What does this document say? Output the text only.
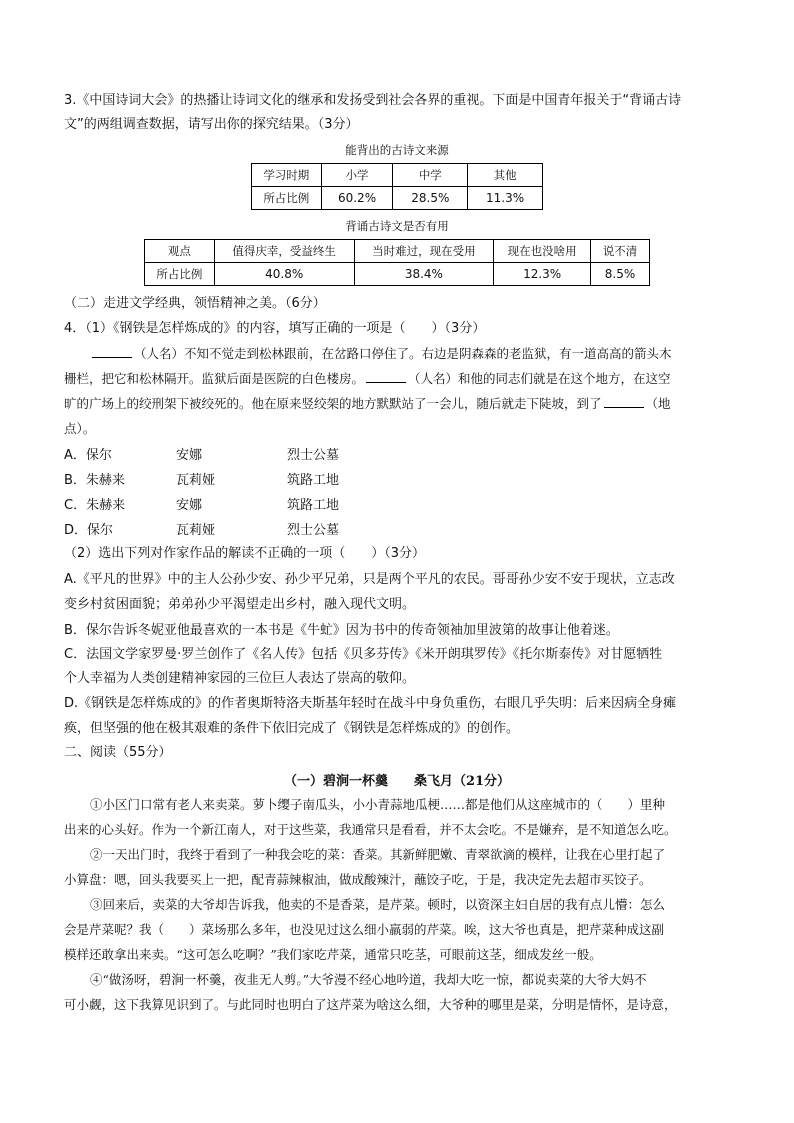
3.《中国诗词大会》的热播让诗词文化的继承和发扬受到社会各界的重视。下面是中国青年报关于“背诵古诗
文”的两组调查数据，请写出你的探究结果。（3分）
能背出的古诗文来源
学习时期	小学	中学	其他
所占比例	60.2%	28.5%	11.3%
背诵古诗文是否有用
观点	值得庆幸，受益终生	当时难过，现在受用	现在也没啥用	说不清
所占比例	40.8%	38.4%	12.3%	8.5%
（二）走进文学经典，领悟精神之美。（6分）
4．（1）《钢铁是怎样炼成的》的内容，填写正确的一项是（　　）（3分）
（人名）不知不觉走到松林跟前，在岔路口停住了。右边是阴森森的老监狱，有一道高高的箭头木
栅栏，把它和松林隔开。监狱后面是医院的白色楼房。	（人名）和他的同志们就是在这个地方，在这空
旷的广场上的绞刑架下被绞死的。他在原来竖绞架的地方默默站了一会儿，随后就走下陡坡，到了	（地
点）。
A．保尔	安娜	烈士公墓
B．朱赫来	瓦莉娅	筑路工地
C．朱赫来	安娜	筑路工地
D．保尔	瓦莉娅	烈士公墓
（2）选出下列对作家作品的解读不正确的一项（　　）（3分）
A.《平凡的世界》中的主人公孙少安、孙少平兄弟，只是两个平凡的农民。哥哥孙少安不安于现状，立志改
变乡村贫困面貌；弟弟孙少平渴望走出乡村，融入现代文明。
B．保尔告诉冬妮亚他最喜欢的一本书是《牛虻》因为书中的传奇领袖加里波第的故事让他着迷。
C．法国文学家罗曼·罗兰创作了《名人传》包括《贝多芬传》《米开朗琪罗传》《托尔斯泰传》对甘愿牺牲
个人幸福为人类创建精神家园的三位巨人表达了崇高的敬仰。
D.《钢铁是怎样炼成的》的作者奥斯特洛夫斯基年轻时在战斗中身负重伤，右眼几乎失明：后来因病全身瘫
痪，但坚强的他在极其艰难的条件下依旧完成了《钢铁是怎样炼成的》的创作。
二、阅读（55分）
（一）碧涧一杯羹　　桑飞月（21分）
①小区门口常有老人来卖菜。萝卜缨子南瓜头，小小青蒜地瓜梗……都是他们从这座城市的（　　）里种
出来的心头好。作为一个新江南人，对于这些菜，我通常只是看看，并不太会吃。不是嫌弃，是不知道怎么吃。
②一天出门时，我终于看到了一种我会吃的菜：香菜。其新鲜肥嫩、青翠欲滴的模样，让我在心里打起了
小算盘：嗯，回头我要买上一把，配青蒜辣椒油，做成酸辣汁，蘸饺子吃，于是，我决定先去超市买饺子。
③回来后，卖菜的大爷却告诉我，他卖的不是香菜，是芹菜。顿时，以资深主妇自居的我有点儿懵：怎么
会是芹菜呢？我（　　）菜场那么多年，也没见过这么细小羸弱的芹菜。唉，这大爷也真是，把芹菜种成这副
模样还敢拿出来卖。“这可怎么吃啊？”我们家吃芹菜，通常只吃茎，可眼前这茎，细成发丝一般。
④“做汤呀，碧涧一杯羹，夜韭无人剪。”大爷漫不经心地吟道，我却大吃一惊，都说卖菜的大爷大妈不
可小觑，这下我算见识到了。与此同时也明白了这芹菜为啥这么细，大爷种的哪里是菜，分明是情怀，是诗意，
